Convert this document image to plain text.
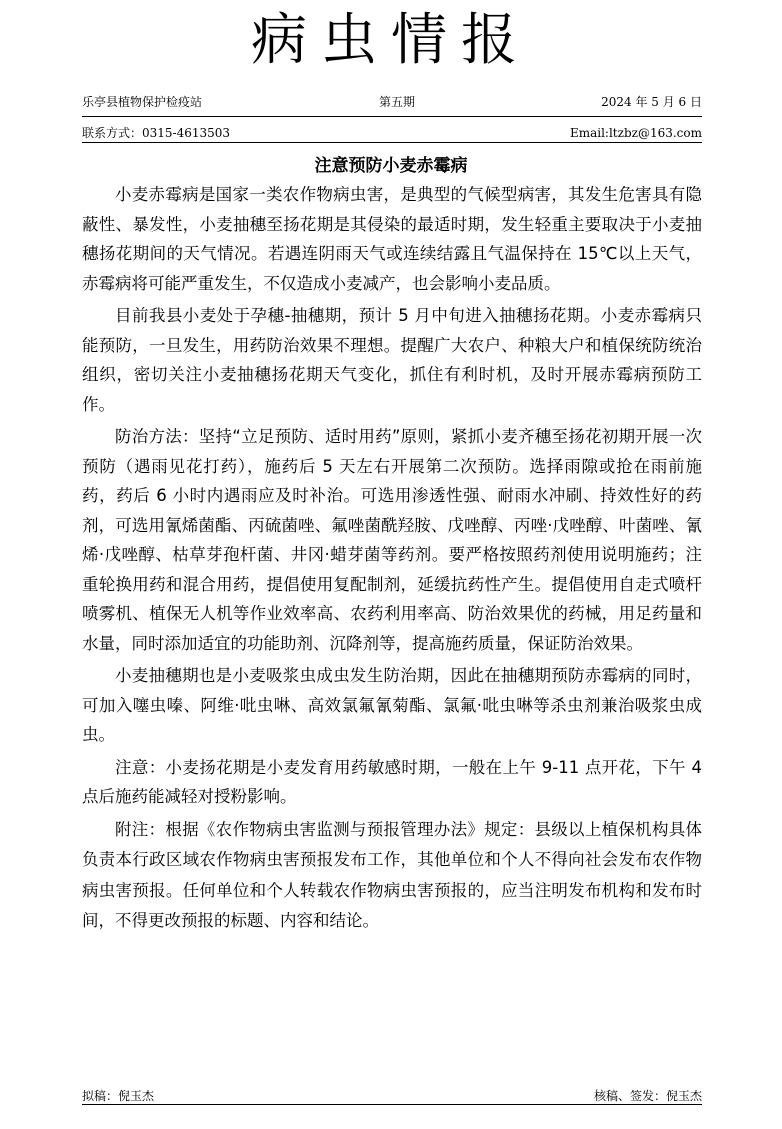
病虫情报
乐亭县植物保护检疫站	第五期	2024 年 5 月 6 日
联系方式：0315-4613503	Email:ltzbz@163.com
注意预防小麦赤霉病

小麦赤霉病是国家一类农作物病虫害，是典型的气候型病害，其发生危害具有隐蔽性、暴发性，小麦抽穗至扬花期是其侵染的最适时期，发生轻重主要取决于小麦抽穗扬花期间的天气情况。若遇连阴雨天气或连续结露且气温保持在 15℃以上天气，赤霉病将可能严重发生，不仅造成小麦减产，也会影响小麦品质。

目前我县小麦处于孕穗-抽穗期，预计 5 月中旬进入抽穗扬花期。小麦赤霉病只能预防，一旦发生，用药防治效果不理想。提醒广大农户、种粮大户和植保统防统治组织，密切关注小麦抽穗扬花期天气变化，抓住有利时机，及时开展赤霉病预防工作。

防治方法：坚持“立足预防、适时用药”原则，紧抓小麦齐穗至扬花初期开展一次预防（遇雨见花打药），施药后 5 天左右开展第二次预防。选择雨隙或抢在雨前施药，药后 6 小时内遇雨应及时补治。可选用渗透性强、耐雨水冲刷、持效性好的药剂，可选用氰烯菌酯、丙硫菌唑、氟唑菌酰羟胺、戊唑醇、丙唑·戊唑醇、叶菌唑、氰烯·戊唑醇、枯草芽孢杆菌、井冈·蜡芽菌等药剂。要严格按照药剂使用说明施药；注重轮换用药和混合用药，提倡使用复配制剂，延缓抗药性产生。提倡使用自走式喷杆喷雾机、植保无人机等作业效率高、农药利用率高、防治效果优的药械，用足药量和水量，同时添加适宜的功能助剂、沉降剂等，提高施药质量，保证防治效果。

小麦抽穗期也是小麦吸浆虫成虫发生防治期，因此在抽穗期预防赤霉病的同时，可加入噻虫嗪、阿维·吡虫啉、高效氯氟氰菊酯、氯氟·吡虫啉等杀虫剂兼治吸浆虫成虫。

注意：小麦扬花期是小麦发育用药敏感时期，一般在上午 9-11 点开花，下午 4 点后施药能减轻对授粉影响。

附注：根据《农作物病虫害监测与预报管理办法》规定：县级以上植保机构具体负责本行政区域农作物病虫害预报发布工作，其他单位和个人不得向社会发布农作物病虫害预报。任何单位和个人转载农作物病虫害预报的，应当注明发布机构和发布时间，不得更改预报的标题、内容和结论。

拟稿：倪玉杰	核稿、签发：倪玉杰
